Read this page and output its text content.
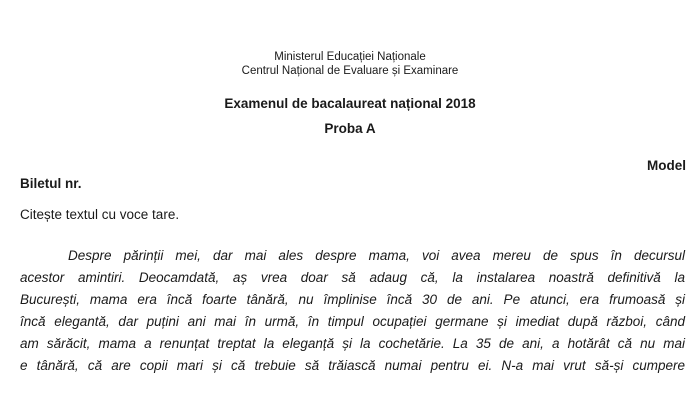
Ministerul Educației Naționale
Centrul Național de Evaluare și Examinare
Examenul de bacalaureat național 2018
Proba A
Model
Biletul nr.
Citește textul cu voce tare.
Despre părinții mei, dar mai ales despre mama, voi avea mereu de spus în decursul
acestor amintiri. Deocamdată, aș vrea doar să adaug că, la instalarea noastră definitivă la
București, mama era încă foarte tânără, nu împlinise încă 30 de ani. Pe atunci, era frumoasă și
încă elegantă, dar puțini ani mai în urmă, în timpul ocupației germane și imediat după război, când
am sărăcit, mama a renunțat treptat la eleganță și la cochetărie. La 35 de ani, a hotărât că nu mai
e tânără, că are copii mari și că trebuie să trăiască numai pentru ei. N-a mai vrut să-și cumpere
